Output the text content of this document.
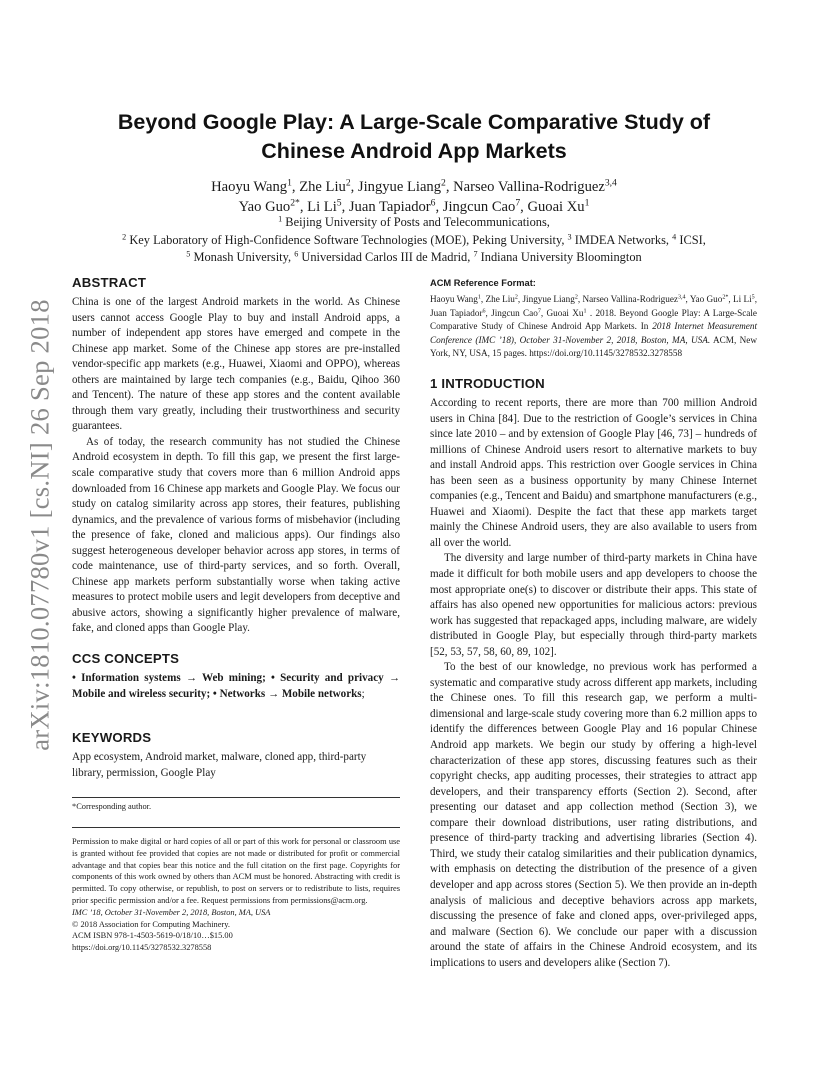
arXiv:1810.07780v1 [cs.NI] 26 Sep 2018
Beyond Google Play: A Large-Scale Comparative Study of
Chinese Android App Markets
Haoyu Wang$^1$, Zhe Liu$^2$, Jingyue Liang$^2$, Narseo Vallina-Rodriguez$^{3,4}$
Yao Guo$^{2*}$, Li Li$^5$, Juan Tapiador$^6$, Jingcun Cao$^7$, Guoai Xu$^1$
$^1$ Beijing University of Posts and Telecommunications,
$^2$ Key Laboratory of High-Confidence Software Technologies (MOE), Peking University, $^3$ IMDEA Networks, $^4$ ICSI,
$^5$ Monash University, $^6$ Universidad Carlos III de Madrid, $^7$ Indiana University Bloomington
ABSTRACT

China is one of the largest Android markets in the world. As Chinese users cannot access Google Play to buy and install Android apps, a number of independent app stores have emerged and compete in the Chinese app market. Some of the Chinese app stores are pre-installed vendor-specific app markets (e.g., Huawei, Xiaomi and OPPO), whereas others are maintained by large tech companies (e.g., Baidu, Qihoo 360 and Tencent). The nature of these app stores and the content available through them vary greatly, including their trustworthiness and security guarantees.

As of today, the research community has not studied the Chinese Android ecosystem in depth. To fill this gap, we present the first large-scale comparative study that covers more than 6 million Android apps downloaded from 16 Chinese app markets and Google Play. We focus our study on catalog similarity across app stores, their features, publishing dynamics, and the prevalence of various forms of misbehavior (including the presence of fake, cloned and malicious apps). Our findings also suggest heterogeneous developer behavior across app stores, in terms of code maintenance, use of third-party services, and so forth. Overall, Chinese app markets perform substantially worse when taking active measures to protect mobile users and legit developers from deceptive and abusive actors, showing a significantly higher prevalence of malware, fake, and cloned apps than Google Play.

CCS CONCEPTS

• Information systems → Web mining; • Security and privacy → Mobile and wireless security; • Networks → Mobile networks;

KEYWORDS

App ecosystem, Android market, malware, cloned app, third-party library, permission, Google Play

*Corresponding author.
Permission to make digital or hard copies of all or part of this work for personal or classroom use is granted without fee provided that copies are not made or distributed for profit or commercial advantage and that copies bear this notice and the full citation on the first page. Copyrights for components of this work owned by others than ACM must be honored. Abstracting with credit is permitted. To copy otherwise, or republish, to post on servers or to redistribute to lists, requires prior specific permission and/or a fee. Request permissions from permissions@acm.org.
IMC ’18, October 31-November 2, 2018, Boston, MA, USA
© 2018 Association for Computing Machinery.
ACM ISBN 978-1-4503-5619-0/18/10…$15.00
https://doi.org/10.1145/3278532.3278558
ACM Reference Format:
Haoyu Wang$^1$, Zhe Liu$^2$, Jingyue Liang$^2$, Narseo Vallina-Rodriguez$^{3,4}$, Yao Guo$^{2*}$, Li Li$^5$, Juan Tapiador$^6$, Jingcun Cao$^7$, Guoai Xu$^1$ . 2018. Beyond Google Play: A Large-Scale Comparative Study of Chinese Android App Markets. In 2018 Internet Measurement Conference (IMC ’18), October 31-November 2, 2018, Boston, MA, USA. ACM, New York, NY, USA, 15 pages. https://doi.org/10.1145/3278532.3278558
1 INTRODUCTION

According to recent reports, there are more than 700 million Android users in China [84]. Due to the restriction of Google’s services in China since late 2010 – and by extension of Google Play [46, 73] – hundreds of millions of Chinese Android users resort to alternative markets to buy and install Android apps. This restriction over Google services in China has been seen as a business opportunity by many Chinese Internet companies (e.g., Tencent and Baidu) and smartphone manufacturers (e.g., Huawei and Xiaomi). Despite the fact that these app markets target mainly the Chinese Android users, they are also available to users from all over the world.

The diversity and large number of third-party markets in China have made it difficult for both mobile users and app developers to choose the most appropriate one(s) to discover or distribute their apps. This state of affairs has also opened new opportunities for malicious actors: previous work has suggested that repackaged apps, including malware, are widely distributed in Google Play, but especially through third-party markets [52, 53, 57, 58, 60, 89, 102].

To the best of our knowledge, no previous work has performed a systematic and comparative study across different app markets, including the Chinese ones. To fill this research gap, we perform a multi-dimensional and large-scale study covering more than 6.2 million apps to identify the differences between Google Play and 16 popular Chinese Android app markets. We begin our study by offering a high-level characterization of these app stores, discussing features such as their copyright checks, app auditing processes, their strategies to attract app developers, and their transparency efforts (Section 2). Second, after presenting our dataset and app collection method (Section 3), we compare their download distributions, user rating distributions, and presence of third-party tracking and advertising libraries (Section 4). Third, we study their catalog similarities and their publication dynamics, with emphasis on detecting the distribution of the presence of a given developer and app across stores (Section 5). We then provide an in-depth analysis of malicious and deceptive behaviors across app markets, discussing the presence of fake and cloned apps, over-privileged apps, and malware (Section 6). We conclude our paper with a discussion around the state of affairs in the Chinese Android ecosystem, and its implications to users and developers alike (Section 7).
